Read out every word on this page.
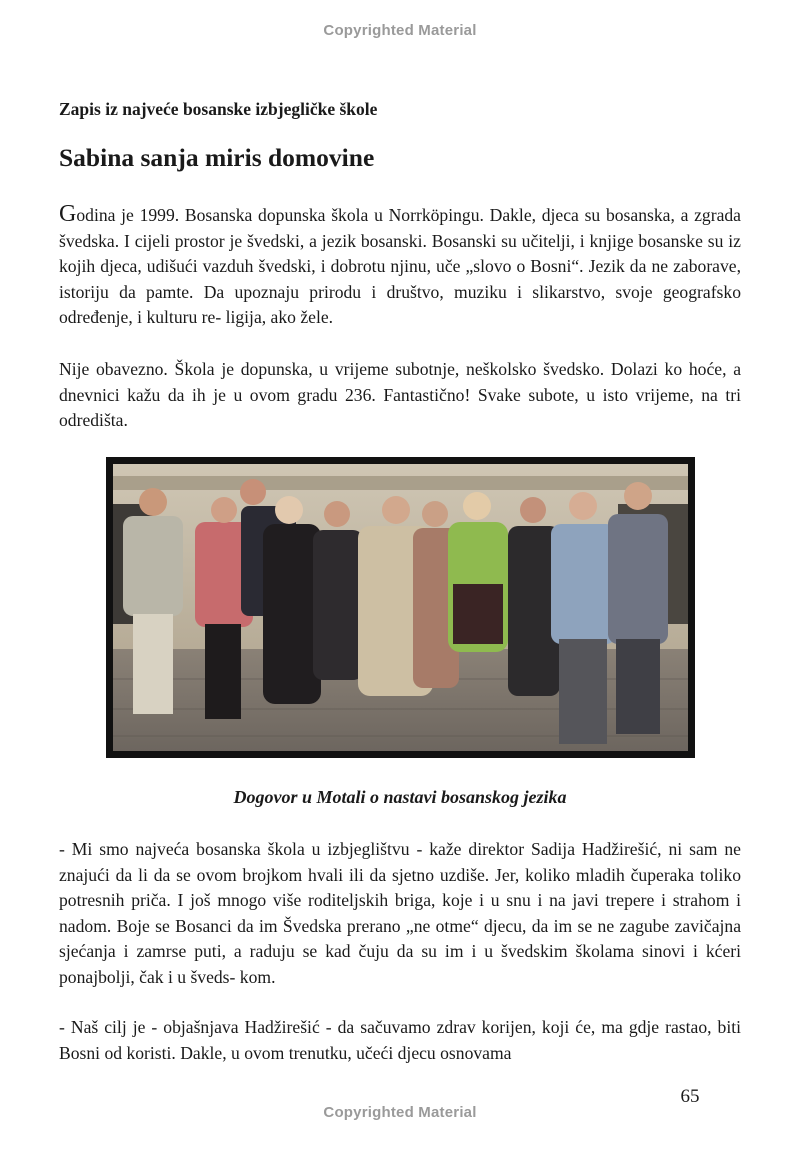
Copyrighted Material
Zapis iz najveće bosanske izbjegličke škole
Sabina sanja miris domovine

Godina je 1999. Bosanska dopunska škola u Norrköpingu. Dakle, djeca su bosanska, a zgrada švedska. I cijeli prostor je švedski, a jezik bosanski. Bosanski su učitelji, i knjige bosanske su iz kojih djeca, udišući vazduh švedski, i dobrotu njinu, uče „slovo o Bosni“. Jezik da ne zaborave, istoriju da pamte. Da upoznaju prirodu i društvo, muziku i slikarstvo, svoje geografsko određenje, i kulturu re- ligija, ako žele.

Nije obavezno. Škola je dopunska, u vrijeme subotnje, neškolsko švedsko. Dolazi ko hoće, a dnevnici kažu da ih je u ovom gradu 236. Fantastično! Svake subote, u isto vrijeme, na tri odredišta.

Dogovor u Motali o nastavi bosanskog jezika

- Mi smo najveća bosanska škola u izbjeglištvu - kaže direktor Sadija Hadžirešić, ni sam ne znajući da li da se ovom brojkom hvali ili da sjetno uzdiše. Jer, koliko mladih čuperaka toliko potresnih priča. I još mnogo više roditeljskih briga, koje i u snu i na javi trepere i strahom i nadom. Boje se Bosanci da im Švedska prerano „ne otme“ djecu, da im se ne zagube zavičajna sjećanja i zamrse puti, a raduju se kad čuju da su im i u švedskim školama sinovi i kćeri ponajbolji, čak i u šveds- kom.

- Naš cilj je - objašnjava Hadžirešić - da sačuvamo zdrav korijen, koji će, ma gdje rastao, biti Bosni od koristi. Dakle, u ovom trenutku, učeći djecu osnovama

65
Copyrighted Material
